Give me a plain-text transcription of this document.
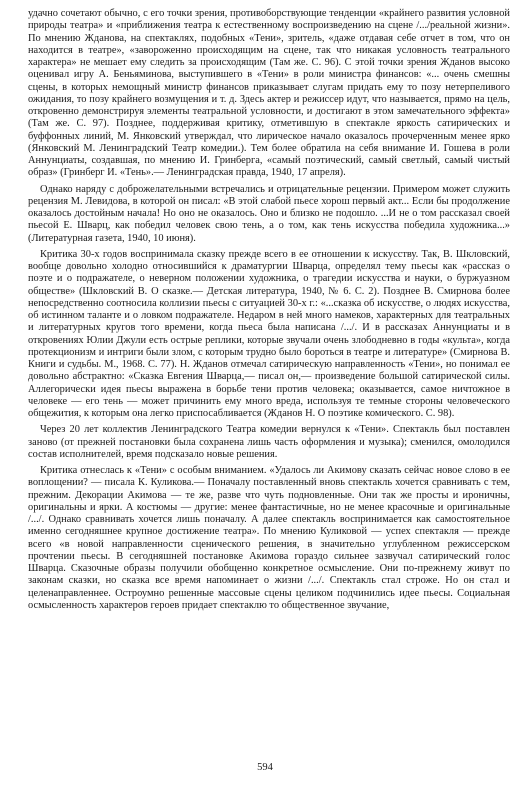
удачно сочетают обычно, с его точки зрения, противоборствующие тенденции «крайнего развития условной природы театра» и «приближения театра к естественному воспроизведению на сцене /.../реальной жизни». По мнению Жданова, на спектаклях, подобных «Тени», зритель, «даже отдавая себе отчет в том, что он находится в театре», «завороженно происходящим на сцене, так что никакая условность театрального характера» не мешает ему следить за происходящим (Там же. С. 96). С этой точки зрения Жданов высоко оценивал игру А. Беньяминова, выступившего в «Тени» в роли министра финансов: «... очень смешны сцены, в которых немощный министр финансов приказывает слугам придать ему то позу нетерпеливого ожидания, то позу крайнего возмущения и т. д. Здесь актер и режиссер идут, что называется, прямо на цель, откровенно демонстрируя элементы театральной условности, и достигают в этом замечательного эффекта» (Там же. С. 97). Позднее, поддерживая критику, отметившую в спектакле яркость сатирических и буффонных линий, М. Янковский утверждал, что лирическое начало оказалось прочерченным менее ярко (Янковский М. Ленинградский Театр комедии.). Тем более обратила на себя внимание И. Гошева в роли Аннунциаты, создавшая, по мнению И. Гринберга, «самый поэтический, самый светлый, самый чистый образ» (Гринберг И. «Тень».— Ленинградская правда, 1940, 17 апреля).

Однако наряду с доброжелательными встречались и отрицательные рецензии. Примером может служить рецензия М. Левидова, в которой он писал: «В этой слабой пьесе хорош первый акт... Если бы продолжение оказалось достойным начала! Но оно не оказалось. Оно и близко не подошло. ...И не о том рассказал своей пьесой Е. Шварц, как победил человек свою тень, а о том, как тень искусства победила художника...» (Литературная газета, 1940, 10 июня).

Критика 30-х годов воспринимала сказку прежде всего в ее отношении к искусству. Так, В. Шкловский, вообще довольно холодно относившийся к драматургии Шварца, определял тему пьесы как «рассказ о поэте и о подражателе, о неверном положении художника, о трагедии искусства и науки, о буржуазном обществе» (Шкловский В. О сказке.— Детская литература, 1940, № 6. С. 2). Позднее В. Смирнова более непосредственно соотносила коллизии пьесы с ситуацией 30-х г.: «...сказка об искусстве, о людях искусства, об истинном таланте и о ловком подражателе. Недаром в ней много намеков, характерных для театральных и литературных кругов того времени, когда пьеса была написана /.../. И в рассказах Аннунциаты и в откровениях Юлии Джули есть острые реплики, которые звучали очень злободневно в годы «культа», когда протекционизм и интриги были злом, с которым трудно было бороться в театре и литературе» (Смирнова В. Книги и судьбы. М., 1968. С. 77). Н. Жданов отмечал сатирическую направленность «Тени», но понимал ее довольно абстрактно: «Сказка Евгения Шварца,— писал он,— произведение большой сатирической силы. Аллегорически идея пьесы выражена в борьбе тени против человека; оказывается, самое ничтожное в человеке — его тень — может причинить ему много вреда, используя те темные стороны человеческого общежития, к которым она легко приспосабливается (Жданов Н. О поэтике комического. С. 98).

Через 20 лет коллектив Ленинградского Театра комедии вернулся к «Тени». Спектакль был поставлен заново (от прежней постановки была сохранена лишь часть оформления и музыка); сменился, омолодился состав исполнителей, время подсказало новые решения.

Критика отнеслась к «Тени» с особым вниманием. «Удалось ли Акимову сказать сейчас новое слово в ее воплощении? — писала К. Куликова.— Поначалу поставленный вновь спектакль хочется сравнивать с тем, прежним. Декорации Акимова — те же, разве что чуть подновленные. Они так же просты и ироничны, оригинальны и ярки. А костюмы — другие: менее фантастичные, но не менее красочные и оригинальные /.../. Однако сравнивать хочется лишь поначалу. А далее спектакль воспринимается как самостоятельное именно сегодняшнее крупное достижение театра». По мнению Куликовой — успех спектакля — прежде всего «в новой направленности сценического решения, в значительно углубленном режиссерском прочтении пьесы. В сегодняшней постановке Акимова гораздо сильнее зазвучал сатирический голос Шварца. Сказочные образы получили обобщенно конкретное осмысление. Они по-прежнему живут по законам сказки, но сказка все время напоминает о жизни /.../. Спектакль стал строже. Но он стал и целенаправленнее. Остроумно решенные массовые сцены целиком подчинились идее пьесы. Социальная осмысленность характеров героев придает спектаклю то общественное звучание,

594
